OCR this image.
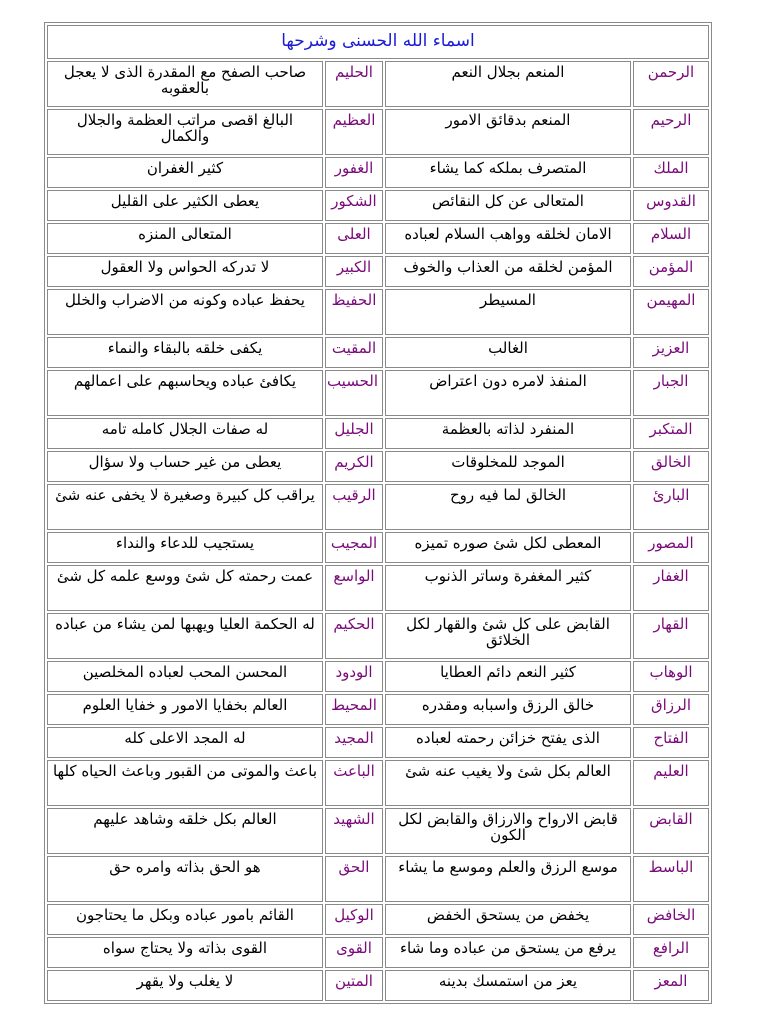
اسماء الله الحسنى وشرحها			
الرحمن	المنعم بجلال النعم	الحليم	صاحب الصفح مع المقدرة الذى لا يعجل بالعقوبه
الرحيم	المنعم بدقائق الامور	العظيم	البالغ اقصى مراتب العظمة والجلال والكمال
الملك	المتصرف بملكه كما يشاء	الغفور	كثير الغفران
القدوس	المتعالى عن كل النقائص	الشكور	يعطى الكثير على القليل
السلام	الامان لخلقه وواهب السلام لعباده	العلى	المتعالى المنزه
المؤمن	المؤمن لخلقه من العذاب والخوف	الكبير	لا تدركه الحواس ولا العقول
المهيمن	المسيطر	الحفيظ	يحفظ عباده وكونه من الاضراب والخلل
العزيز	الغالب	المقيت	يكفى خلقه بالبقاء والنماء
الجبار	المنفذ لامره دون اعتراض	الحسيب	يكافئ عباده ويحاسبهم على اعمالهم
المتكبر	المنفرد لذاته بالعظمة	الجليل	له صفات الجلال كامله تامه
الخالق	الموجد للمخلوقات	الكريم	يعطى من غير حساب ولا سؤال
البارئ	الخالق لما فيه روح	الرقيب	يراقب كل كبيرة وصغيرة لا يخفى عنه شئ
المصور	المعطى لكل شئ صوره تميزه	المجيب	يستجيب للدعاء والنداء
الغفار	كثير المغفرة وساتر الذنوب	الواسع	عمت رحمته كل شئ ووسع علمه كل شئ
القهار	القابض على كل شئ والقهار لكل الخلائق	الحكيم	له الحكمة العليا ويهبها لمن يشاء من عباده
الوهاب	كثير النعم دائم العطايا	الودود	المحسن المحب لعباده المخلصين
الرزاق	خالق الرزق واسبابه ومقدره	المحيط	العالم بخفايا الامور و خفايا العلوم
الفتاح	الذى يفتح خزائن رحمته لعباده	المجيد	له المجد الاعلى كله
العليم	العالم بكل شئ ولا يغيب عنه شئ	الباعث	باعث والموتى من القبور وباعث الحياه كلها
القابض	قابض الارواح والارزاق والقابض لكل الكون	الشهيد	العالم بكل خلقه وشاهد عليهم
الباسط	موسع الرزق والعلم وموسع ما يشاء	الحق	هو الحق بذاته وامره حق
الخافض	يخفض من يستحق الخفض	الوكيل	القائم بامور عباده وبكل ما يحتاجون
الرافع	يرفع من يستحق من عباده وما شاء	القوى	القوى بذاته ولا يحتاج سواه
المعز	يعز من استمسك بدينه	المتين	لا يغلب ولا يقهر
